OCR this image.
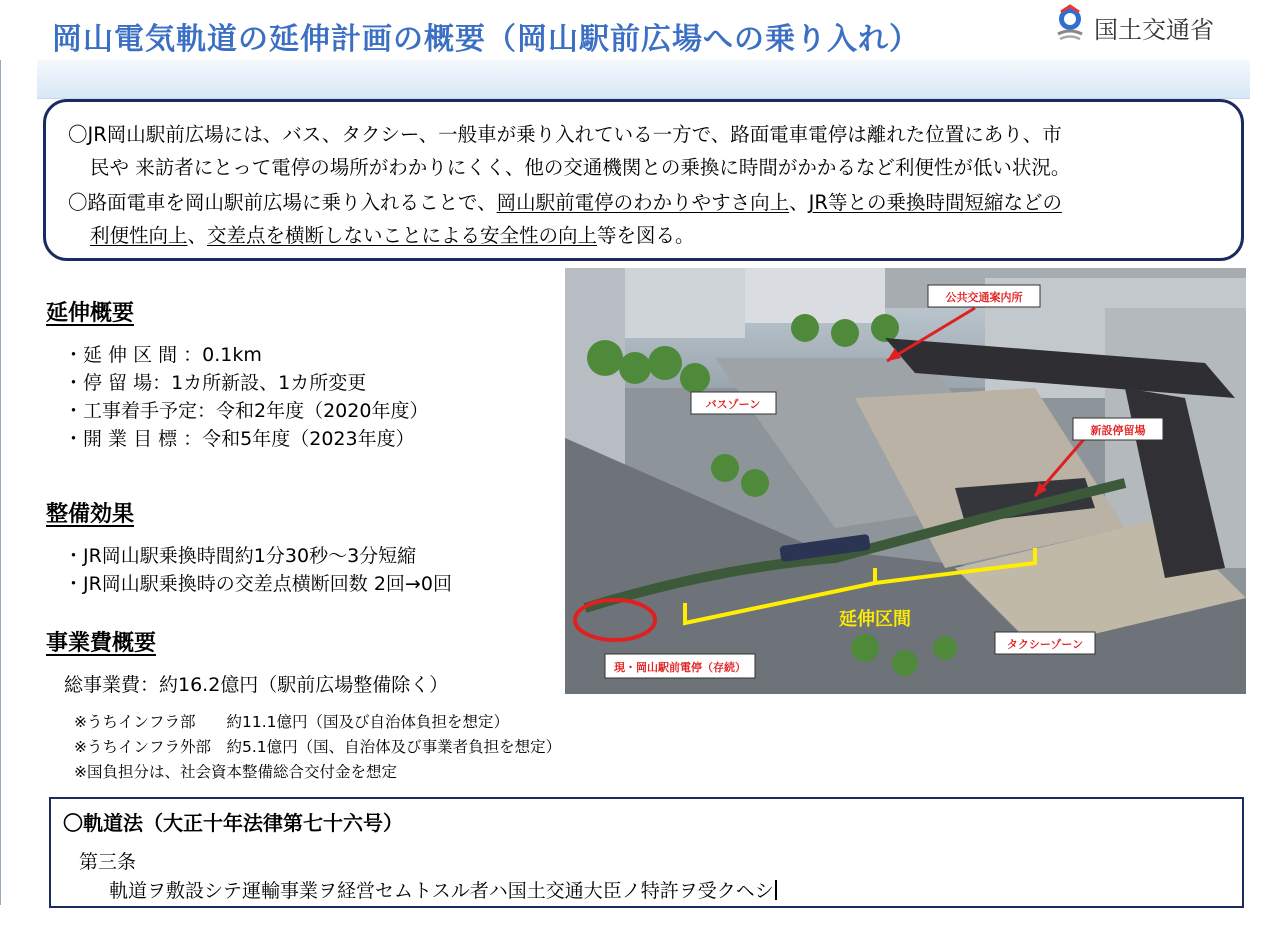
岡山電気軌道の延伸計画の概要（岡山駅前広場への乗り入れ）	国土交通省

〇JR岡山駅前広場には、バス、タクシー、一般車が乗り入れている一方で、路面電車電停は離れた位置にあり、市
民や 来訪者にとって電停の場所がわかりにくく、他の交通機関との乗換に時間がかかるなど利便性が低い状況。

〇路面電車を岡山駅前広場に乗り入れることで、岡山駅前電停のわかりやすさ向上、JR等との乗換時間短縮などの
利便性向上、交差点を横断しないことによる安全性の向上等を図る。

延伸概要
・延 伸 区 間 ：0.1km
・停 留 場：1カ所新設、1カ所変更
・工事着手予定：令和2年度（2020年度）
・開 業 目 標 ：令和5年度（2023年度）
整備効果
・JR岡山駅乗換時間約1分30秒～3分短縮
・JR岡山駅乗換時の交差点横断回数 2回→0回
事業費概要
総事業費：約16.2億円（駅前広場整備除く）
※うちインフラ部　　約11.1億円（国及び自治体負担を想定）
※うちインフラ外部　約5.1億円（国、自治体及び事業者負担を想定）
※国負担分は、社会資本整備総合交付金を想定
公共交通案内所
バスゾーン
新設停留場
延伸区間
タクシーゾーン
現・岡山駅前電停（存続）
〇軌道法（大正十年法律第七十六号）
第三条
軌道ヲ敷設シテ運輸事業ヲ経営セムトスル者ハ国土交通大臣ノ特許ヲ受クヘシ
